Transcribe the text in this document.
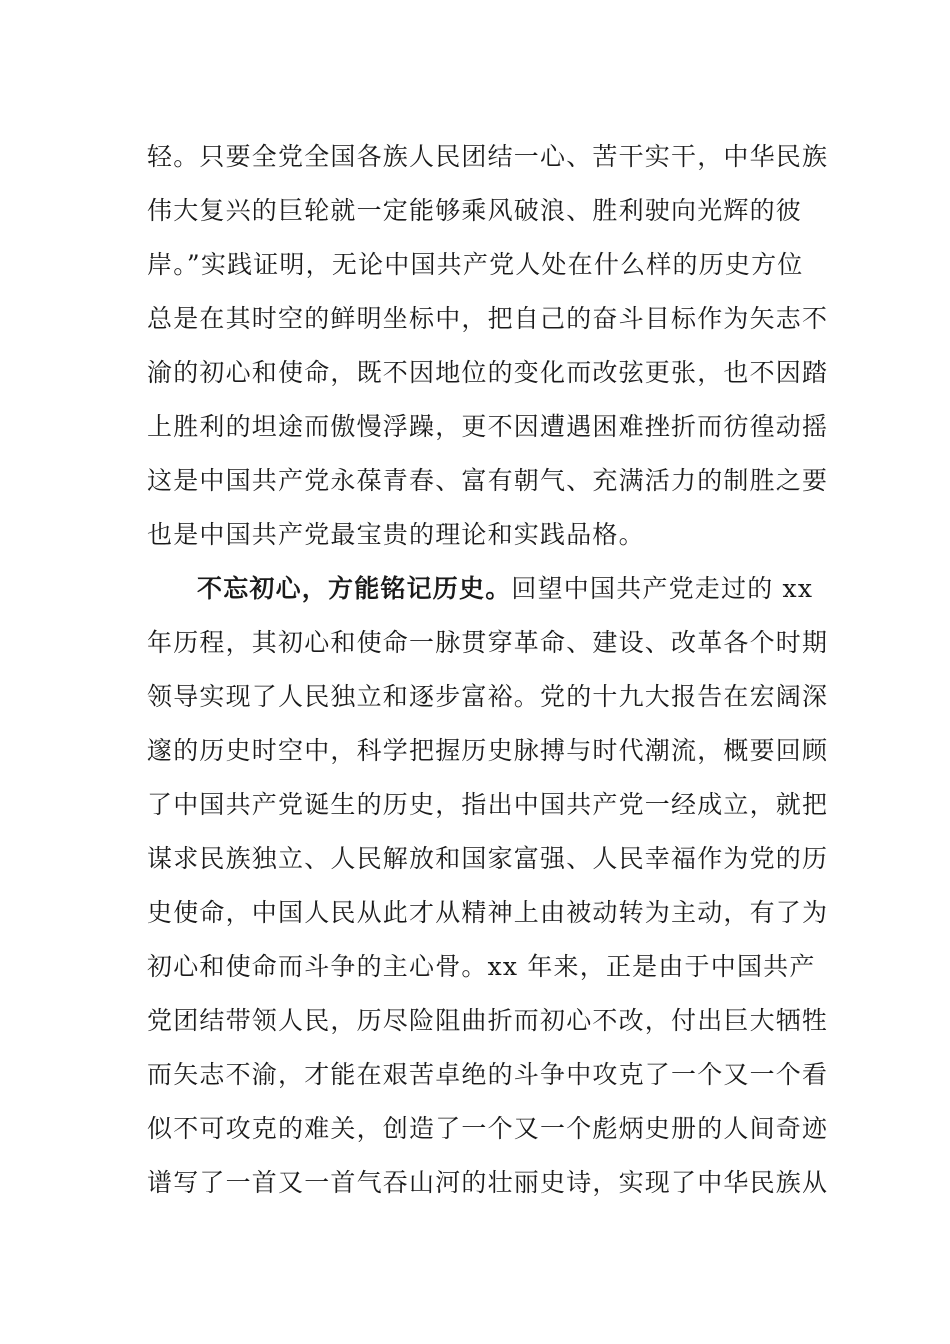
轻。只要全党全国各族人民团结一心、苦干实干，中华民族
伟大复兴的巨轮就一定能够乘风破浪、胜利驶向光辉的彼
岸。”实践证明，无论中国共产党人处在什么样的历史方位
总是在其时空的鲜明坐标中，把自己的奋斗目标作为矢志不
渝的初心和使命，既不因地位的变化而改弦更张，也不因踏
上胜利的坦途而傲慢浮躁，更不因遭遇困难挫折而彷徨动摇
这是中国共产党永葆青春、富有朝气、充满活力的制胜之要
也是中国共产党最宝贵的理论和实践品格。
不忘初心，方能铭记历史。回望中国共产党走过的 xx
年历程，其初心和使命一脉贯穿革命、建设、改革各个时期
领导实现了人民独立和逐步富裕。党的十九大报告在宏阔深
邃的历史时空中，科学把握历史脉搏与时代潮流，概要回顾
了中国共产党诞生的历史，指出中国共产党一经成立，就把
谋求民族独立、人民解放和国家富强、人民幸福作为党的历
史使命，中国人民从此才从精神上由被动转为主动，有了为
初心和使命而斗争的主心骨。xx 年来，正是由于中国共产
党团结带领人民，历尽险阻曲折而初心不改，付出巨大牺牲
而矢志不渝，才能在艰苦卓绝的斗争中攻克了一个又一个看
似不可攻克的难关，创造了一个又一个彪炳史册的人间奇迹
谱写了一首又一首气吞山河的壮丽史诗，实现了中华民族从
